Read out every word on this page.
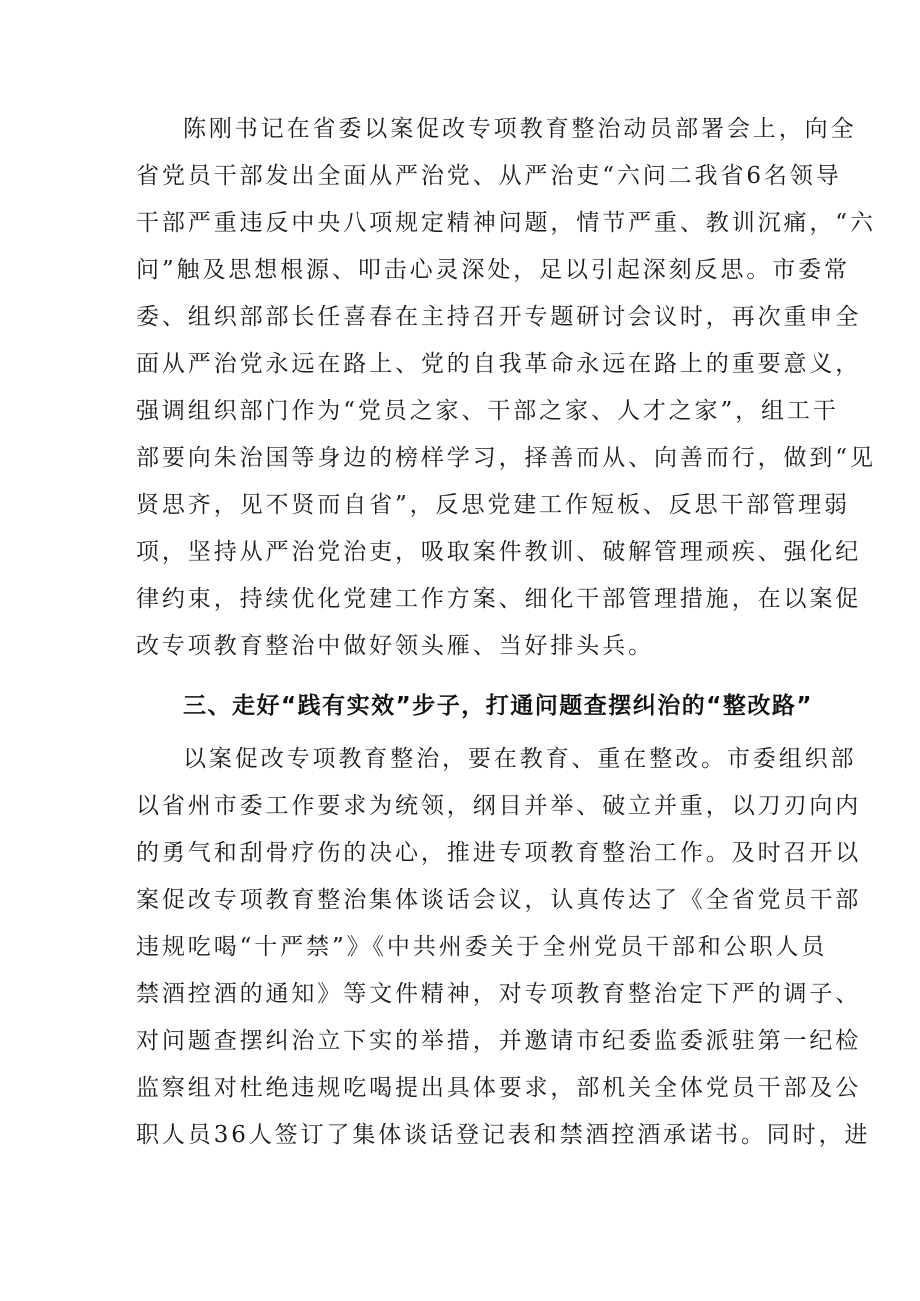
陈刚书记在省委以案促改专项教育整治动员部署会上，向全
省党员干部发出全面从严治党、从严治吏“六问二我省6名领导
干部严重违反中央八项规定精神问题，情节严重、教训沉痛，“六
问”触及思想根源、叩击心灵深处，足以引起深刻反思。市委常
委、组织部部长任喜春在主持召开专题研讨会议时，再次重申全
面从严治党永远在路上、党的自我革命永远在路上的重要意义，
强调组织部门作为“党员之家、干部之家、人才之家”，组工干
部要向朱治国等身边的榜样学习，择善而从、向善而行，做到“见
贤思齐，见不贤而自省”，反思党建工作短板、反思干部管理弱
项，坚持从严治党治吏，吸取案件教训、破解管理顽疾、强化纪
律约束，持续优化党建工作方案、细化干部管理措施，在以案促
改专项教育整治中做好领头雁、当好排头兵。
三、走好“践有实效”步子，打通问题查摆纠治的“整改路”
以案促改专项教育整治，要在教育、重在整改。市委组织部
以省州市委工作要求为统领，纲目并举、破立并重，以刀刃向内
的勇气和刮骨疗伤的决心，推进专项教育整治工作。及时召开以
案促改专项教育整治集体谈话会议，认真传达了《全省党员干部
违规吃喝“十严禁”》《中共州委关于全州党员干部和公职人员
禁酒控酒的通知》等文件精神，对专项教育整治定下严的调子、
对问题查摆纠治立下实的举措，并邀请市纪委监委派驻第一纪检
监察组对杜绝违规吃喝提出具体要求，部机关全体党员干部及公
职人员36人签订了集体谈话登记表和禁酒控酒承诺书。同时，进
